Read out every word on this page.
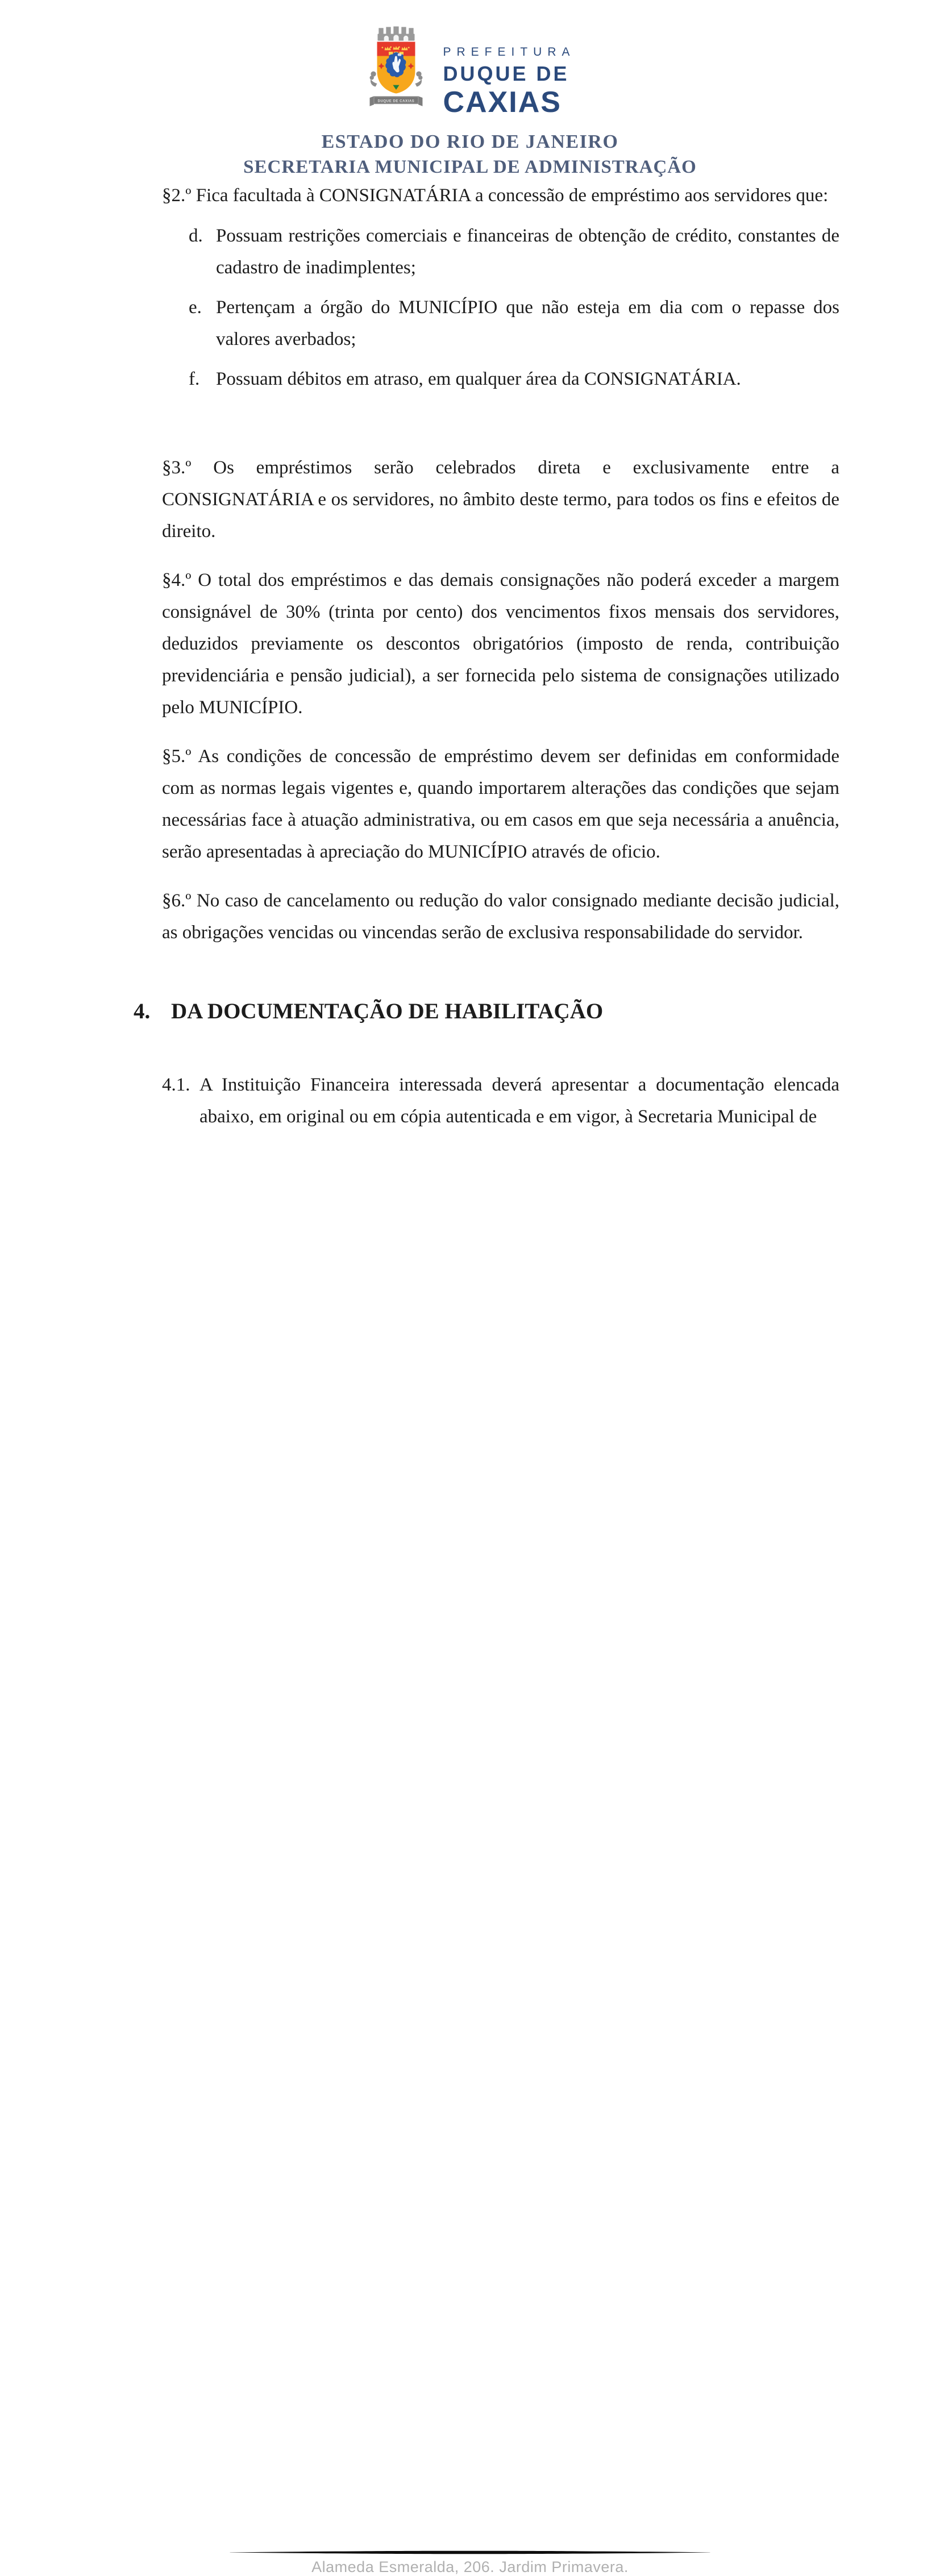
DUQUE DE CAXIAS
PREFEITURA
DUQUE DE
CAXIAS
ESTADO DO RIO DE JANEIRO
SECRETARIA MUNICIPAL DE ADMINISTRAÇÃO

§2.º Fica facultada à CONSIGNATÁRIA a concessão de empréstimo aos servidores que:

d. Possuam restrições comerciais e financeiras de obtenção de crédito, constantes de cadastro de inadimplentes;
e. Pertençam a órgão do MUNICÍPIO que não esteja em dia com o repasse dos valores averbados;
f. Possuam débitos em atraso, em qualquer área da CONSIGNATÁRIA.

§3.º Os empréstimos serão celebrados direta e exclusivamente entre a CONSIGNATÁRIA e os servidores, no âmbito deste termo, para todos os fins e efeitos de direito.

§4.º O total dos empréstimos e das demais consignações não poderá exceder a margem consignável de 30% (trinta por cento) dos vencimentos fixos mensais dos servidores, deduzidos previamente os descontos obrigatórios (imposto de renda, contribuição previdenciária e pensão judicial), a ser fornecida pelo sistema de consignações utilizado pelo MUNICÍPIO.

§5.º As condições de concessão de empréstimo devem ser definidas em conformidade com as normas legais vigentes e, quando importarem alterações das condições que sejam necessárias face à atuação administrativa, ou em casos em que seja necessária a anuência, serão apresentadas à apreciação do MUNICÍPIO através de oficio.

§6.º No caso de cancelamento ou redução do valor consignado mediante decisão judicial, as obrigações vencidas ou vincendas serão de exclusiva responsabilidade do servidor.

4. DA DOCUMENTAÇÃO DE HABILITAÇÃO
4.1. A Instituição Financeira interessada deverá apresentar a documentação elencada abaixo, em original ou em cópia autenticada e em vigor, à Secretaria Municipal de
Alameda Esmeralda, 206. Jardim Primavera.
